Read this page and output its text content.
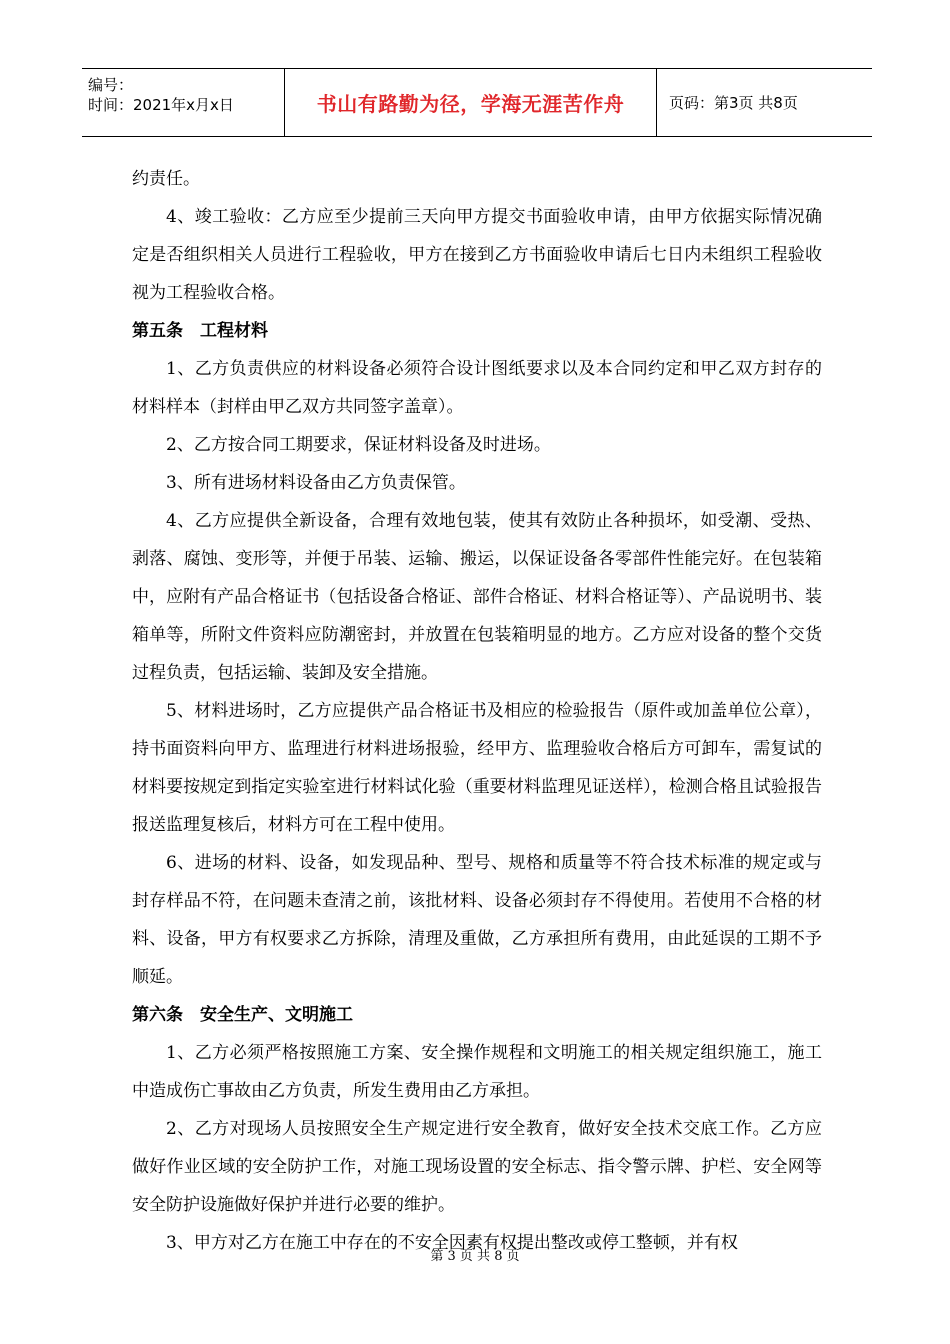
编号：
时间：2021年x月x日	书山有路勤为径，学海无涯苦作舟	页码：第3页 共8页

约责任。

4、竣工验收：乙方应至少提前三天向甲方提交书面验收申请，由甲方依据实际情况确定是否组织相关人员进行工程验收，甲方在接到乙方书面验收申请后七日内未组织工程验收视为工程验收合格。

第五条　工程材料

1、乙方负责供应的材料设备必须符合设计图纸要求以及本合同约定和甲乙双方封存的材料样本（封样由甲乙双方共同签字盖章）。

2、乙方按合同工期要求，保证材料设备及时进场。

3、所有进场材料设备由乙方负责保管。

4、乙方应提供全新设备，合理有效地包装，使其有效防止各种损坏，如受潮、受热、剥落、腐蚀、变形等，并便于吊装、运输、搬运，以保证设备各零部件性能完好。在包装箱中，应附有产品合格证书（包括设备合格证、部件合格证、材料合格证等）、产品说明书、装箱单等，所附文件资料应防潮密封，并放置在包装箱明显的地方。乙方应对设备的整个交货过程负责，包括运输、装卸及安全措施。

5、材料进场时，乙方应提供产品合格证书及相应的检验报告（原件或加盖单位公章），持书面资料向甲方、监理进行材料进场报验，经甲方、监理验收合格后方可卸车，需复试的材料要按规定到指定实验室进行材料试化验（重要材料监理见证送样），检测合格且试验报告报送监理复核后，材料方可在工程中使用。

6、进场的材料、设备，如发现品种、型号、规格和质量等不符合技术标准的规定或与封存样品不符，在问题未查清之前，该批材料、设备必须封存不得使用。若使用不合格的材料、设备，甲方有权要求乙方拆除，清理及重做，乙方承担所有费用，由此延误的工期不予顺延。

第六条　安全生产、文明施工

1、乙方必须严格按照施工方案、安全操作规程和文明施工的相关规定组织施工，施工中造成伤亡事故由乙方负责，所发生费用由乙方承担。

2、乙方对现场人员按照安全生产规定进行安全教育，做好安全技术交底工作。乙方应做好作业区域的安全防护工作，对施工现场设置的安全标志、指令警示牌、护栏、安全网等安全防护设施做好保护并进行必要的维护。

3、甲方对乙方在施工中存在的不安全因素有权提出整改或停工整顿，并有权

第 3 页 共 8 页
